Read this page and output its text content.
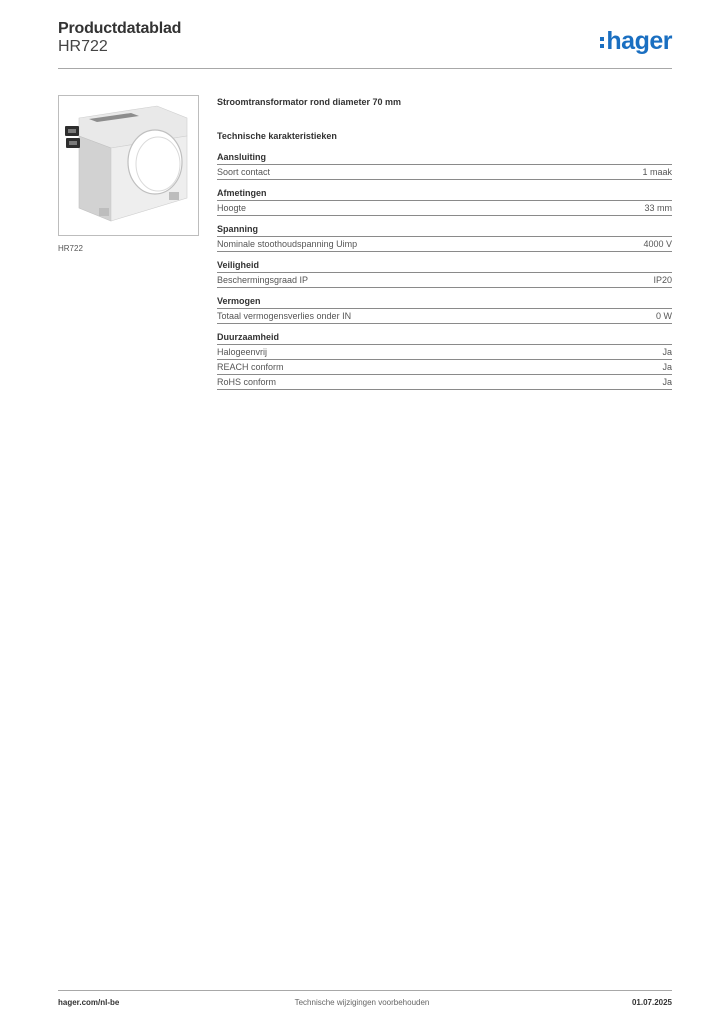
Productdatablad
HR722	hager
HR722
Stroomtransformator rond diameter 70 mm
Technische karakteristieken
Aansluiting
Soort contact	1 maak
Afmetingen
Hoogte	33 mm
Spanning
Nominale stoothoudspanning Uimp	4000 V
Veiligheid
Beschermingsgraad IP	IP20
Vermogen
Totaal vermogensverlies onder IN	0 W
Duurzaamheid
Halogeenvrij	Ja
REACH conform	Ja
RoHS conform	Ja
hager.com/nl-be	Technische wijzigingen voorbehouden	01.07.2025
